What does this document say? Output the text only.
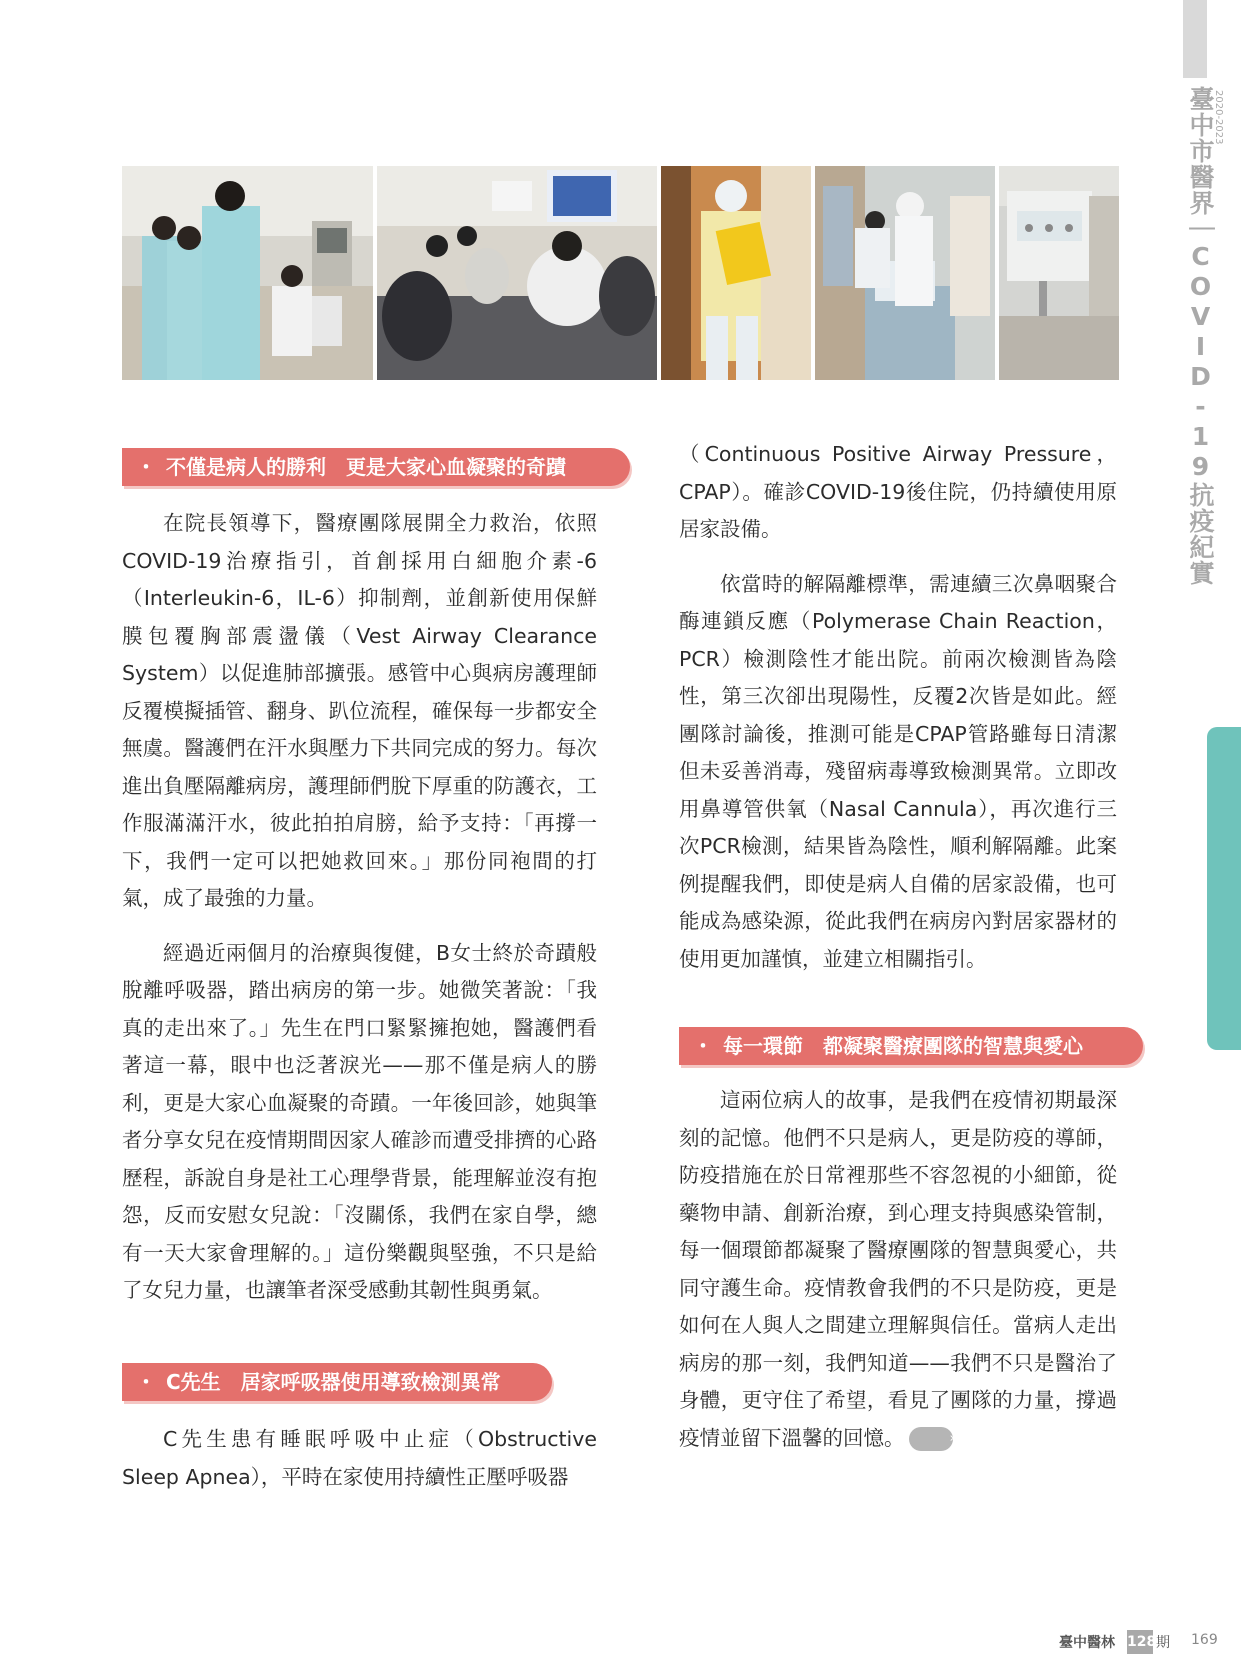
臺中市醫界｜COVID-19抗疫紀實
2020-2023
・ 不僅是病人的勝利　更是大家心血凝聚的奇蹟

在院長領導下，醫療團隊展開全力救治，依照COVID-19治療指引，首創採用白細胞介素-6（Interleukin-6，IL-6）抑制劑，並創新使用保鮮膜包覆胸部震盪儀（Vest Airway Clearance System）以促進肺部擴張。感管中心與病房護理師反覆模擬插管、翻身、趴位流程，確保每一步都安全無虞。醫護們在汗水與壓力下共同完成的努力。每次進出負壓隔離病房，護理師們脫下厚重的防護衣，工作服滿滿汗水，彼此拍拍肩膀，給予支持：「再撐一下，我們一定可以把她救回來。」那份同袍間的打氣，成了最強的力量。

經過近兩個月的治療與復健，B女士終於奇蹟般脫離呼吸器，踏出病房的第一步。她微笑著說：「我真的走出來了。」先生在門口緊緊擁抱她，醫護們看著這一幕，眼中也泛著淚光——那不僅是病人的勝利，更是大家心血凝聚的奇蹟。一年後回診，她與筆者分享女兒在疫情期間因家人確診而遭受排擠的心路歷程，訴說自身是社工心理學背景，能理解並沒有抱怨，反而安慰女兒說：「沒關係，我們在家自學，總有一天大家會理解的。」這份樂觀與堅強，不只是給了女兒力量，也讓筆者深受感動其韌性與勇氣。

・ C先生　居家呼吸器使用導致檢測異常

C先生患有睡眠呼吸中止症（Obstructive Sleep Apnea），平時在家使用持續性正壓呼吸器

（Continuous Positive Airway Pressure，CPAP）。確診COVID-19後住院，仍持續使用原居家設備。

依當時的解隔離標準，需連續三次鼻咽聚合酶連鎖反應（Polymerase Chain Reaction，PCR）檢測陰性才能出院。前兩次檢測皆為陰性，第三次卻出現陽性，反覆2次皆是如此。經團隊討論後，推測可能是CPAP管路雖每日清潔但未妥善消毒，殘留病毒導致檢測異常。立即改用鼻導管供氧（Nasal Cannula），再次進行三次PCR檢測，結果皆為陰性，順利解隔離。此案例提醒我們，即使是病人自備的居家設備，也可能成為感染源，從此我們在病房內對居家器材的使用更加謹慎，並建立相關指引。

・ 每一環節　都凝聚醫療團隊的智慧與愛心

這兩位病人的故事，是我們在疫情初期最深刻的記憶。他們不只是病人，更是防疫的導師，防疫措施在於日常裡那些不容忽視的小細節，從藥物申請、創新治療，到心理支持與感染管制，每一個環節都凝聚了醫療團隊的智慧與愛心，共同守護生命。疫情教會我們的不只是防疫，更是如何在人與人之間建立理解與信任。當病人走出病房的那一刻，我們知道——我們不只是醫治了身體，更守住了希望，看見了團隊的力量，撐過疫情並留下溫馨的回憶。	»»

臺中醫林 128 期 169
